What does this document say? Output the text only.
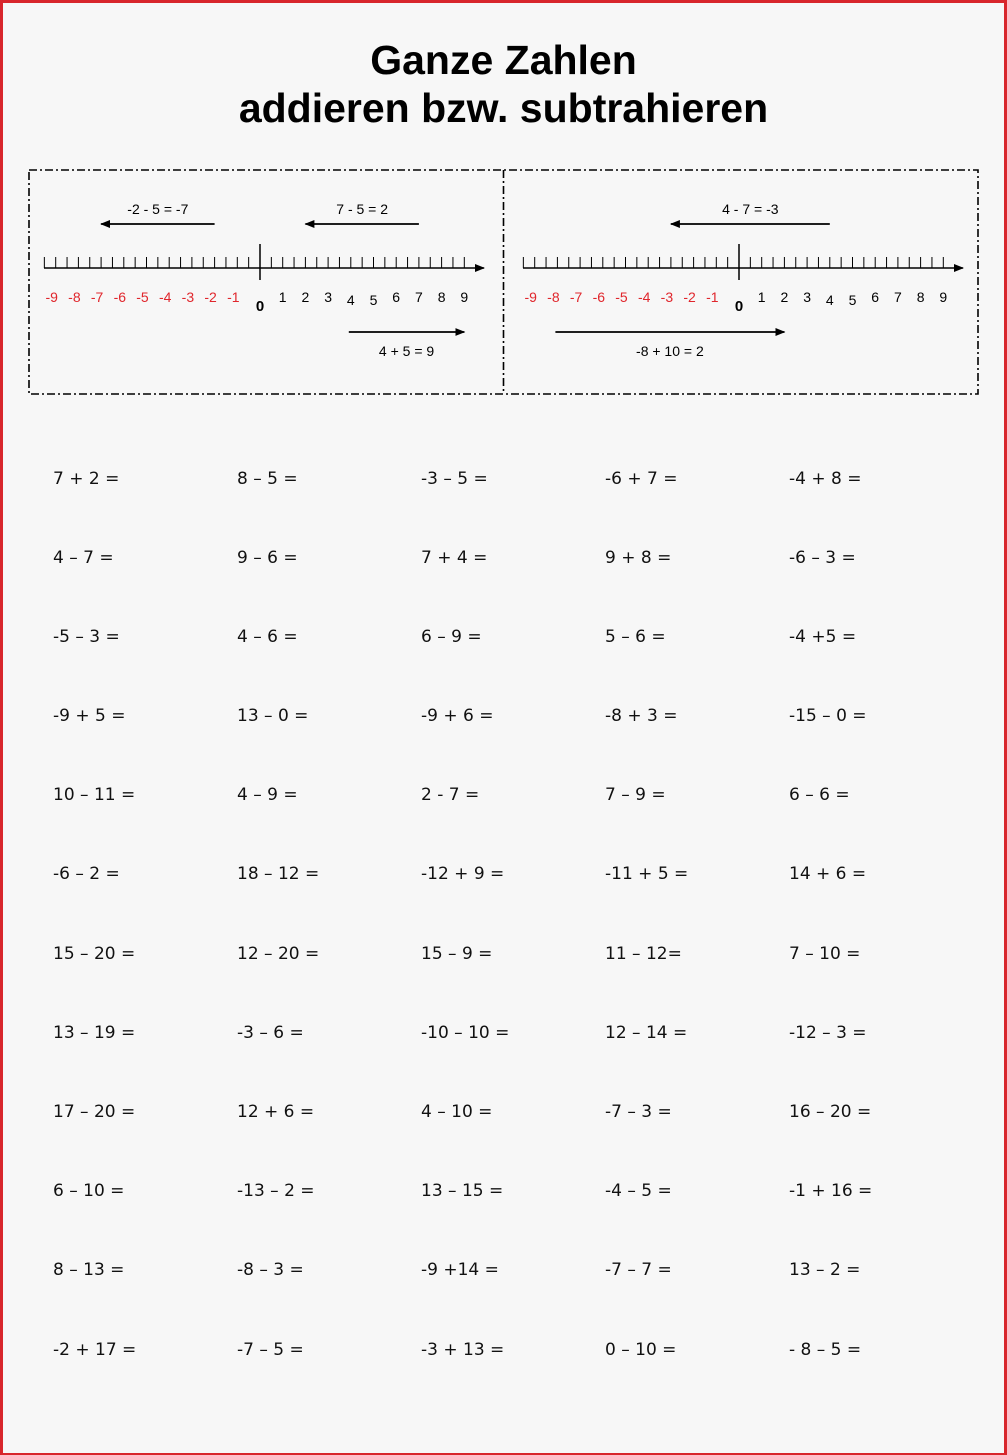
Ganze Zahlen
addieren bzw. subtrahieren
-9 -8 -7 -6 -5 -4 -3 -2 -1
0
1 2 3 4 5 6 7 8 9
-2 - 5 = -7	7 - 5 = 2
4 + 5 = 9
-9 -8 -7 -6 -5 -4 -3 -2 -1
0
1 2 3 4 5 6 7 8 9
4 - 7 = -3
-8 + 10 = 2
7 + 2 =	8 – 5 =	-3 – 5 =	-6 + 7 =	-4 + 8 =
4 – 7 =	9 – 6 =	7 + 4 =	9 + 8 =	-6 – 3 =
-5 – 3 =	4 – 6 =	6 – 9 =	5 – 6 =	-4 +5 =
-9 + 5 =	13 – 0 =	-9 + 6 =	-8 + 3 =	-15 – 0 =
10 – 11 =	4 – 9 =	2 - 7 =	7 – 9 =	6 – 6 =
-6 – 2 =	18 – 12 =	-12 + 9 =	-11 + 5 =	14 + 6 =
15 – 20 =	12 – 20 =	15 – 9 =	11 – 12=	7 – 10 =
13 – 19 =	-3 – 6 =	-10 – 10 =	12 – 14 =	-12 – 3 =
17 – 20 =	12 + 6 =	4 – 10 =	-7 – 3 =	16 – 20 =
6 – 10 =	-13 – 2 =	13 – 15 =	-4 – 5 =	-1 + 16 =
8 – 13 =	-8 – 3 =	-9 +14 =	-7 – 7 =	13 – 2 =
-2 + 17 =	-7 – 5 =	-3 + 13 =	0 – 10 =	- 8 – 5 =
